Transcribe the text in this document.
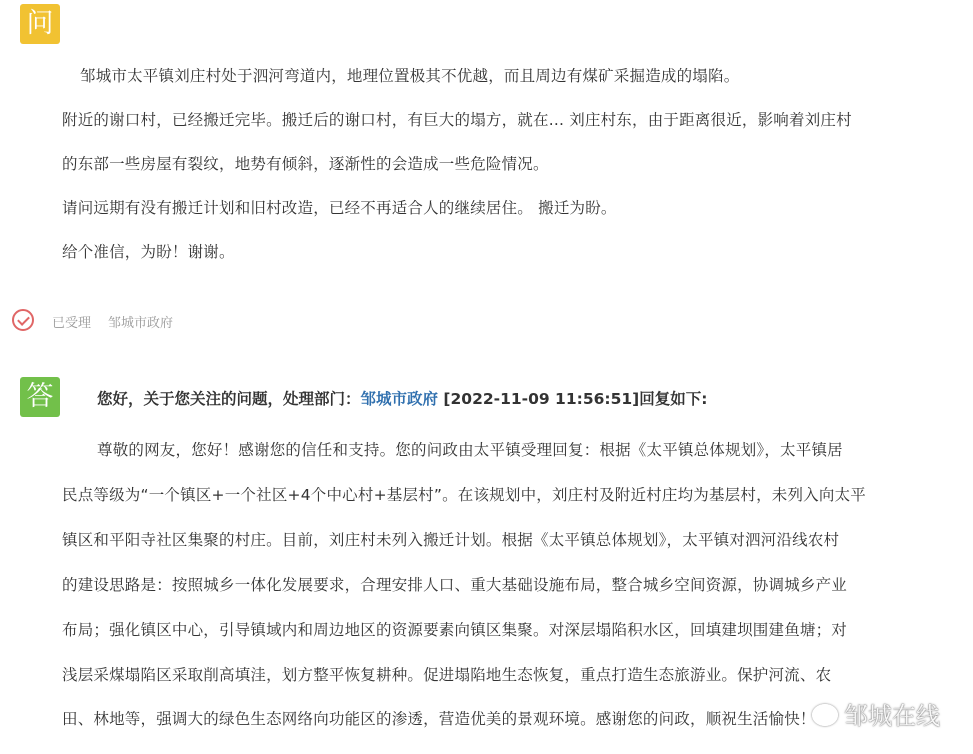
问
邹城市太平镇刘庄村处于泗河弯道内，地理位置极其不优越，而且周边有煤矿采掘造成的塌陷。
附近的谢口村，已经搬迁完毕。搬迁后的谢口村，有巨大的塌方，就在... 刘庄村东，由于距离很近，影响着刘庄村
的东部一些房屋有裂纹，地势有倾斜，逐渐性的会造成一些危险情况。
请问远期有没有搬迁计划和旧村改造，已经不再适合人的继续居住。 搬迁为盼。
给个准信，为盼！谢谢。
已受理 邹城市政府
答	您好，关于您关注的问题，处理部门：邹城市政府 [2022-11-09 11:56:51]回复如下:
尊敬的网友，您好！感谢您的信任和支持。您的问政由太平镇受理回复：根据《太平镇总体规划》，太平镇居
民点等级为“一个镇区+一个社区+4个中心村+基层村”。在该规划中，刘庄村及附近村庄均为基层村，未列入向太平
镇区和平阳寺社区集聚的村庄。目前，刘庄村未列入搬迁计划。根据《太平镇总体规划》，太平镇对泗河沿线农村
的建设思路是：按照城乡一体化发展要求，合理安排人口、重大基础设施布局，整合城乡空间资源，协调城乡产业
布局；强化镇区中心，引导镇域内和周边地区的资源要素向镇区集聚。对深层塌陷积水区，回填建坝围建鱼塘；对
浅层采煤塌陷区采取削高填洼，划方整平恢复耕种。促进塌陷地生态恢复，重点打造生态旅游业。保护河流、农
田、林地等，强调大的绿色生态网络向功能区的渗透，营造优美的景观环境。感谢您的问政，顺祝生活愉快！	邹城在线
